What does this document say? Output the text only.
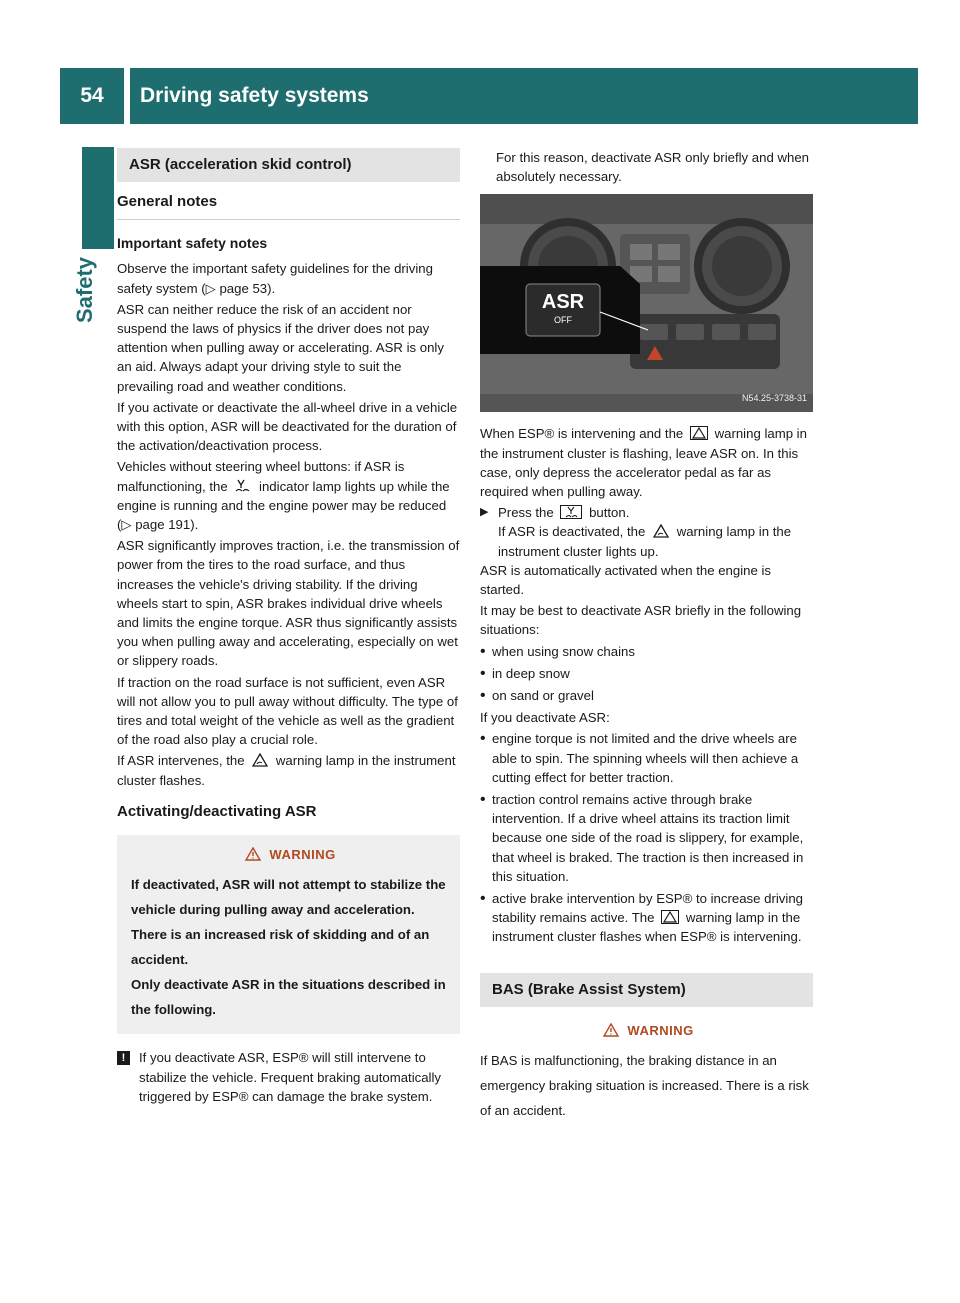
54	Driving safety systems
Safety
ASR (acceleration skid control)
General notes
Important safety notes

Observe the important safety guidelines for the driving safety system (▷ page 53).

ASR can neither reduce the risk of an accident nor suspend the laws of physics if the driver does not pay attention when pulling away or accelerating. ASR is only an aid. Always adapt your driving style to suit the prevailing road and weather conditions.

If you activate or deactivate the all-wheel drive in a vehicle with this option, ASR will be deactivated for the duration of the activation/deactivation process.

Vehicles without steering wheel buttons: if ASR is malfunctioning, the indicator lamp lights up while the engine is running and the engine power may be reduced (▷ page 191).

ASR significantly improves traction, i.e. the transmission of power from the tires to the road surface, and thus increases the vehicle's driving stability. If the driving wheels start to spin, ASR brakes individual drive wheels and limits the engine torque. ASR thus significantly assists you when pulling away and accelerating, especially on wet or slippery roads.

If traction on the road surface is not sufficient, even ASR will not allow you to pull away without difficulty. The type of tires and total weight of the vehicle as well as the gradient of the road also play a crucial role.

If ASR intervenes, the warning lamp in the instrument cluster flashes.

Activating/deactivating ASR
WARNING
If deactivated, ASR will not attempt to stabilize the vehicle during pulling away and acceleration. There is an increased risk of skidding and of an accident.
Only deactivate ASR in the situations described in the following.
!	If you deactivate ASR, ESP® will still intervene to stabilize the vehicle. Frequent braking automatically triggered by ESP® can damage the brake system.

For this reason, deactivate ASR only briefly and when absolutely necessary.

ASR
OFF
N54.25-3738-31

When ESP® is intervening and the warning lamp in the instrument cluster is flashing, leave ASR on. In this case, only depress the accelerator pedal as far as required when pulling away.

▶ Press the	button.
If ASR is deactivated, the warning lamp in the instrument cluster lights up.

ASR is automatically activated when the engine is started.

It may be best to deactivate ASR briefly in the following situations:

• when using snow chains
• in deep snow
• on sand or gravel

If you deactivate ASR:

• engine torque is not limited and the drive wheels are able to spin. The spinning wheels will then achieve a cutting effect for better traction.
• traction control remains active through brake intervention. If a drive wheel attains its traction limit because one side of the road is slippery, for example, that wheel is braked. The traction is then increased in this situation.
• active brake intervention by ESP® to increase driving stability remains active. The warning lamp in the instrument cluster flashes when ESP® is intervening.
BAS (Brake Assist System)
WARNING
If BAS is malfunctioning, the braking distance in an emergency braking situation is increased. There is a risk of an accident.
